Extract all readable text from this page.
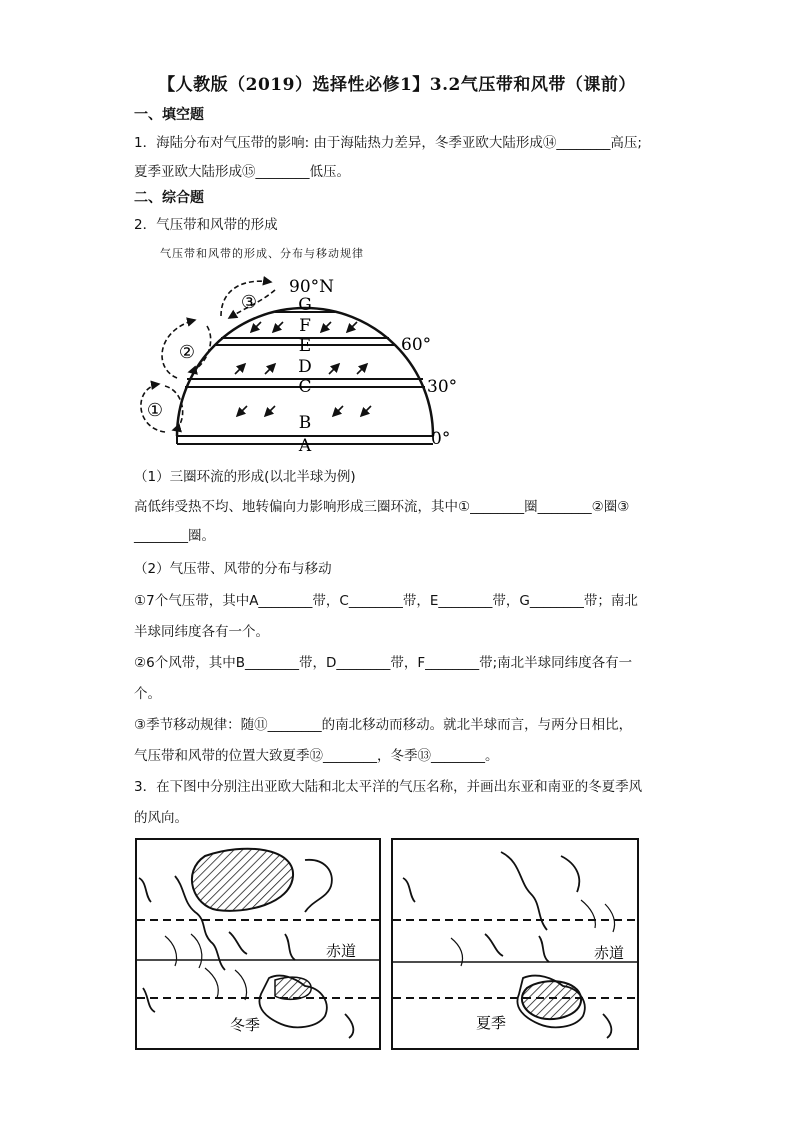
【人教版（2019）选择性必修1】3.2气压带和风带（课前）
一、填空题
1．海陆分布对气压带的影响: 由于海陆热力差异，冬季亚欧大陆形成⑭________高压;
夏季亚欧大陆形成⑮________低压。
二、综合题
2．气压带和风带的形成
气压带和风带的形成、分布与移动规律
A
B
C
D
E
F
G
90°N
60°
30°
0°
①
②
③
（1）三圈环流的形成(以北半球为例)
高低纬受热不均、地转偏向力影响形成三圈环流，其中①________圈________②圈③
________圈。
（2）气压带、风带的分布与移动
①7个气压带，其中A________带，C________带，E________带，G________带；南北
半球同纬度各有一个。
②6个风带，其中B________带，D________带，F________带;南北半球同纬度各有一
个。
③季节移动规律：随⑪________的南北移动而移动。就北半球而言，与两分日相比，
气压带和风带的位置大致夏季⑫________，冬季⑬________。
3．在下图中分别注出亚欧大陆和北太平洋的气压名称，并画出东亚和南亚的冬夏季风
的风向。
赤道
冬季
赤道
夏季
